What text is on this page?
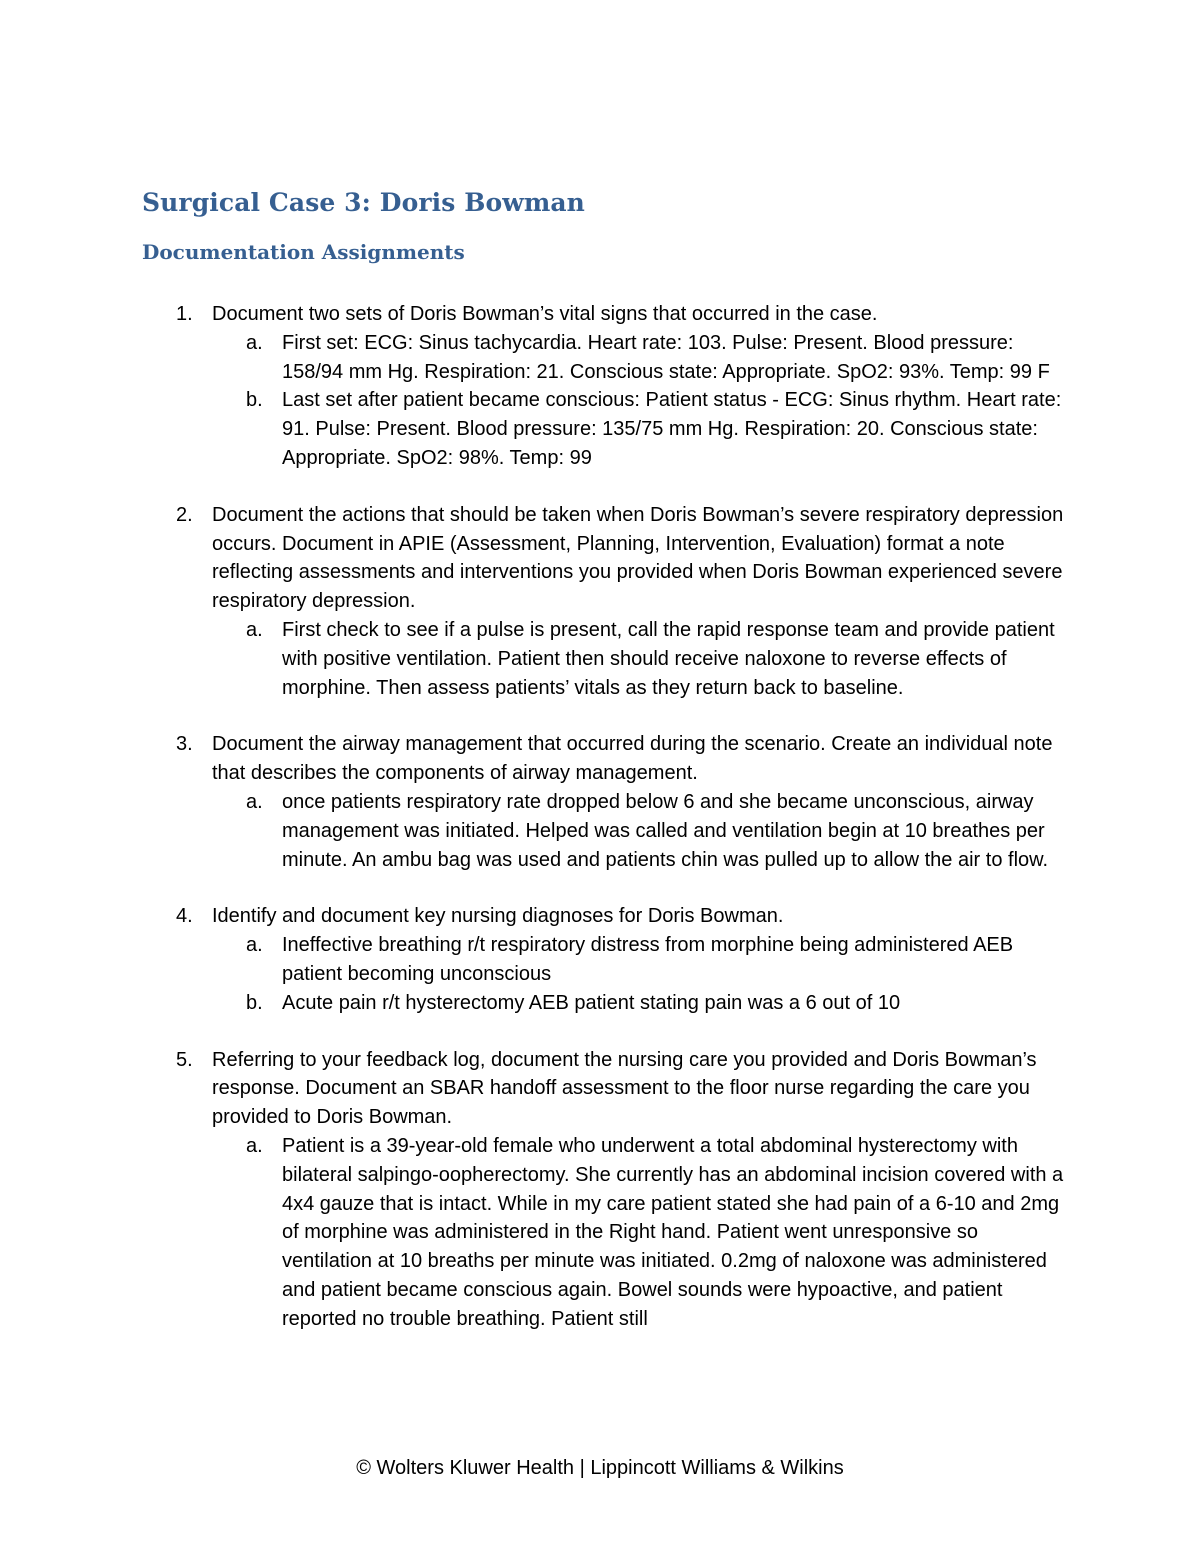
Surgical Case 3: Doris Bowman
Documentation Assignments
1. Document two sets of Doris Bowman’s vital signs that occurred in the case.
a. First set: ECG: Sinus tachycardia. Heart rate: 103. Pulse: Present. Blood pressure: 158/94 mm Hg. Respiration: 21. Conscious state: Appropriate. SpO2: 93%. Temp: 99 F
b. Last set after patient became conscious: Patient status - ECG: Sinus rhythm. Heart rate: 91. Pulse: Present. Blood pressure: 135/75 mm Hg. Respiration: 20. Conscious state: Appropriate. SpO2: 98%. Temp: 99
2. Document the actions that should be taken when Doris Bowman’s severe respiratory depression occurs. Document in APIE (Assessment, Planning, Intervention, Evaluation) format a note reflecting assessments and interventions you provided when Doris Bowman experienced severe respiratory depression.
a. First check to see if a pulse is present, call the rapid response team and provide patient with positive ventilation. Patient then should receive naloxone to reverse effects of morphine. Then assess patients’ vitals as they return back to baseline.
3. Document the airway management that occurred during the scenario. Create an individual note that describes the components of airway management.
a. once patients respiratory rate dropped below 6 and she became unconscious, airway management was initiated. Helped was called and ventilation begin at 10 breathes per minute. An ambu bag was used and patients chin was pulled up to allow the air to flow.
4. Identify and document key nursing diagnoses for Doris Bowman.
a. Ineffective breathing r/t respiratory distress from morphine being administered AEB patient becoming unconscious
b. Acute pain r/t hysterectomy AEB patient stating pain was a 6 out of 10
5. Referring to your feedback log, document the nursing care you provided and Doris Bowman’s response. Document an SBAR handoff assessment to the floor nurse regarding the care you provided to Doris Bowman.
a. Patient is a 39-year-old female who underwent a total abdominal hysterectomy with bilateral salpingo-oopherectomy. She currently has an abdominal incision covered with a 4x4 gauze that is intact. While in my care patient stated she had pain of a 6-10 and 2mg of morphine was administered in the Right hand. Patient went unresponsive so ventilation at 10 breaths per minute was initiated. 0.2mg of naloxone was administered and patient became conscious again. Bowel sounds were hypoactive, and patient reported no trouble breathing. Patient still

© Wolters Kluwer Health | Lippincott Williams & Wilkins
